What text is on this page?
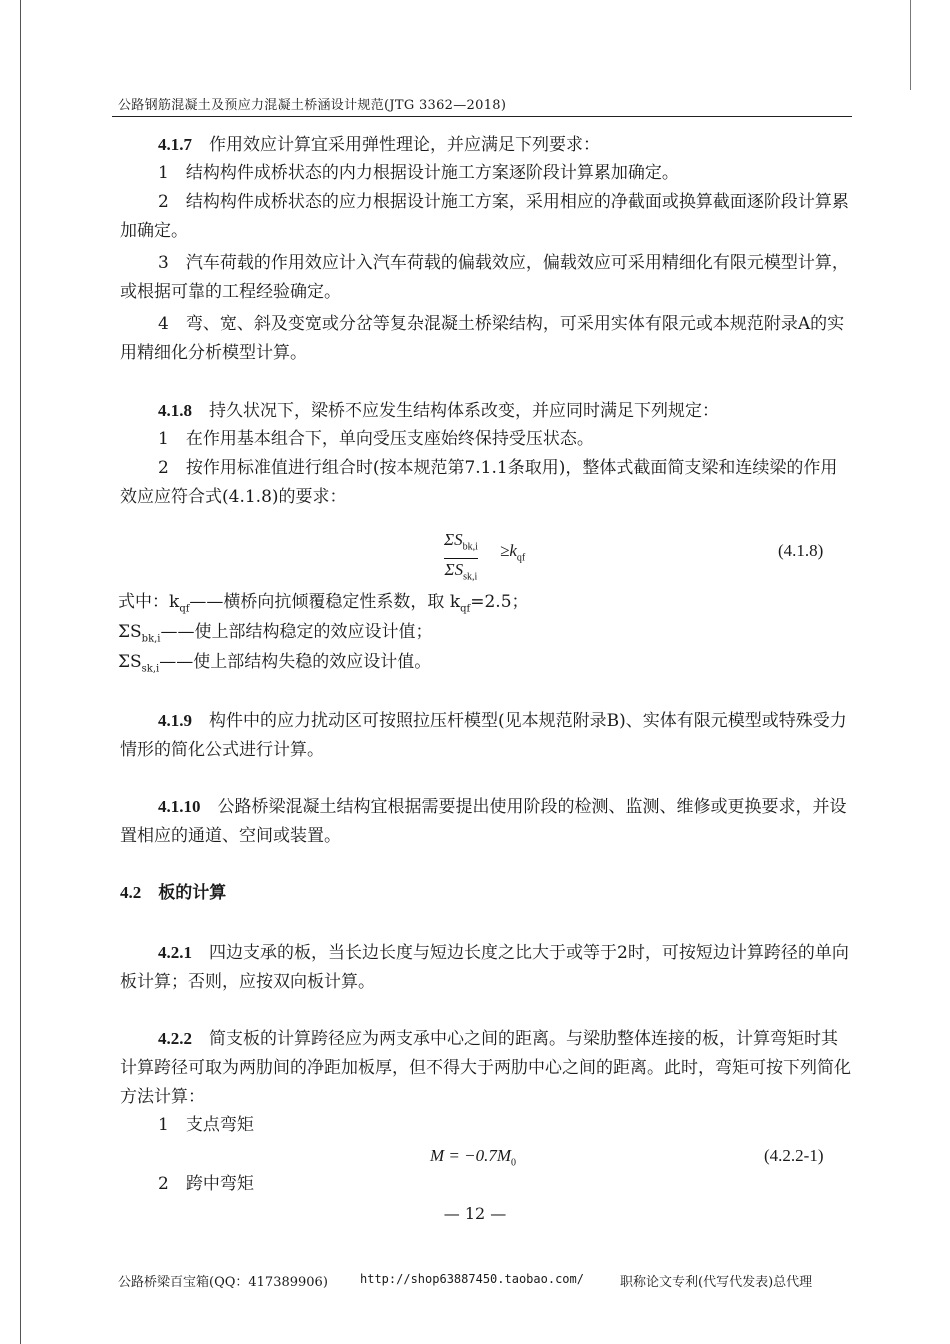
公路钢筋混凝土及预应力混凝土桥涵设计规范(JTG 3362—2018)

4.1.7　 作用效应计算宜采用弹性理论，并应满足下列要求：

1　结构构件成桥状态的内力根据设计施工方案逐阶段计算累加确定。

2　结构构件成桥状态的应力根据设计施工方案，采用相应的净截面或换算截面逐阶段计算累加确定。

3　汽车荷载的作用效应计入汽车荷载的偏载效应，偏载效应可采用精细化有限元模型计算，或根据可靠的工程经验确定。

4　弯、宽、斜及变宽或分岔等复杂混凝土桥梁结构，可采用实体有限元或本规范附录A的实用精细化分析模型计算。

4.1.8　 持久状况下，梁桥不应发生结构体系改变，并应同时满足下列规定：

1　在作用基本组合下，单向受压支座始终保持受压状态。

2　按作用标准值进行组合时(按本规范第7.1.1条取用)，整体式截面简支梁和连续梁的作用效应应符合式(4.1.8)的要求：

$\Sigma S_{bk,i}$
$\Sigma S_{sk,i}$
$\ge k_{qf}$	(4.1.8)
式中：$k_{qf}——$横桥向抗倾覆稳定性系数，取 $k_{qf}=2.5$；
$\Sigma S_{bk,i}——$使上部结构稳定的效应设计值；
$\Sigma S_{sk,i}——$使上部结构失稳的效应设计值。

4.1.9　 构件中的应力扰动区可按照拉压杆模型(见本规范附录B)、实体有限元模型或特殊受力情形的简化公式进行计算。

4.1.10　 公路桥梁混凝土结构宜根据需要提出使用阶段的检测、监测、维修或更换要求，并设置相应的通道、空间或装置。

4.2　 板的计算

4.2.1　 四边支承的板，当长边长度与短边长度之比大于或等于2时，可按短边计算跨径的单向板计算；否则，应按双向板计算。

4.2.2　 简支板的计算跨径应为两支承中心之间的距离。与梁肋整体连接的板，计算弯矩时其计算跨径可取为两肋间的净距加板厚，但不得大于两肋中心之间的距离。此时，弯矩可按下列简化方法计算：

1　支点弯矩

$M = -0.7M_0$	(4.2.2-1)

2　跨中弯矩

— 12 —
公路桥梁百宝箱(QQ：417389906)	http://shop63887450.taobao.com/	职称论文专利(代写代发表)总代理
